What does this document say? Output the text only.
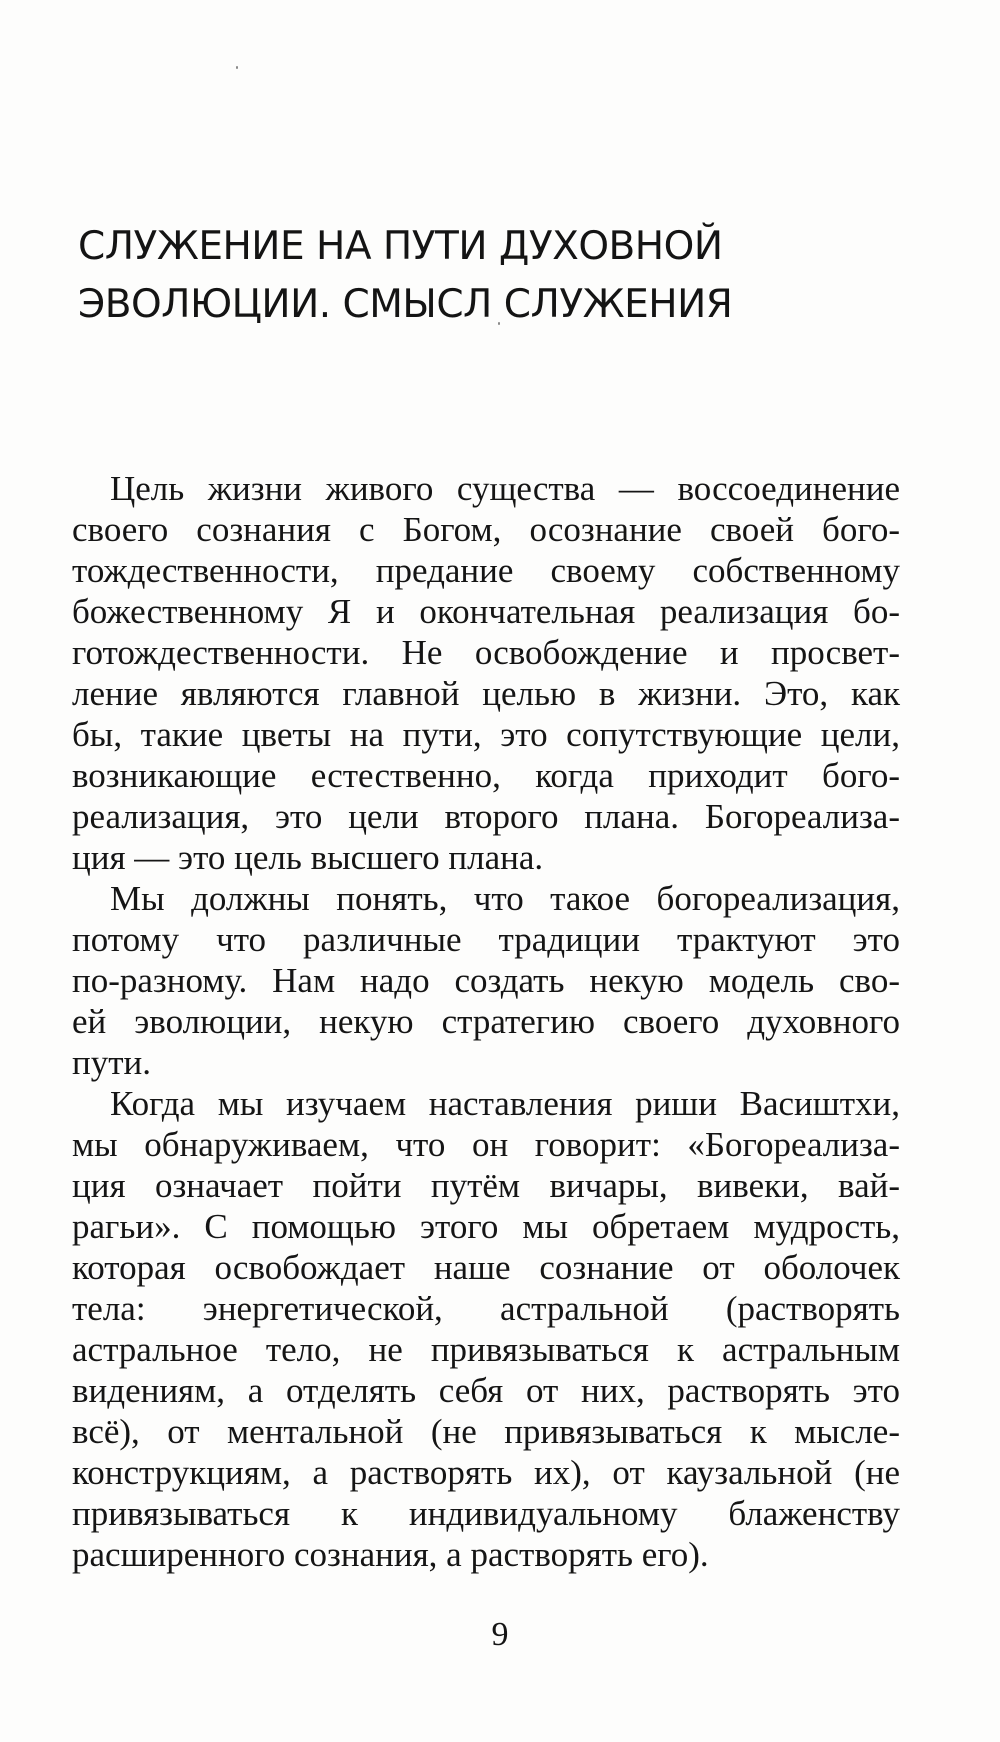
СЛУЖЕНИЕ НА ПУТИ ДУХОВНОЙ
ЭВОЛЮЦИИ. СМЫСЛ СЛУЖЕНИЯ

Цель жизни живого существа — воссоединение
своего сознания с Богом, осознание своей бого-
тождественности, предание своему собственному
божественному Я и окончательная реализация бо-
готождественности. Не освобождение и просвет-
ление являются главной целью в жизни. Это, как
бы, такие цветы на пути, это сопутствующие цели,
возникающие естественно, когда приходит бого-
реализация, это цели второго плана. Богореализа-
ция — это цель высшего плана.

Мы должны понять, что такое богореализация,
потому что различные традиции трактуют это
по-разному. Нам надо создать некую модель сво-
ей эволюции, некую стратегию своего духовного
пути.

Когда мы изучаем наставления риши Васиштхи,
мы обнаруживаем, что он говорит: «Богореализа-
ция означает пойти путём вичары, вивеки, вай-
рагьи». С помощью этого мы обретаем мудрость,
которая освобождает наше сознание от оболочек
тела: энергетической, астральной (растворять
астральное тело, не привязываться к астральным
видениям, а отделять себя от них, растворять это
всё), от ментальной (не привязываться к мысле-
конструкциям, а растворять их), от каузальной (не
привязываться к индивидуальному блаженству
расширенного сознания, а растворять его).

9
